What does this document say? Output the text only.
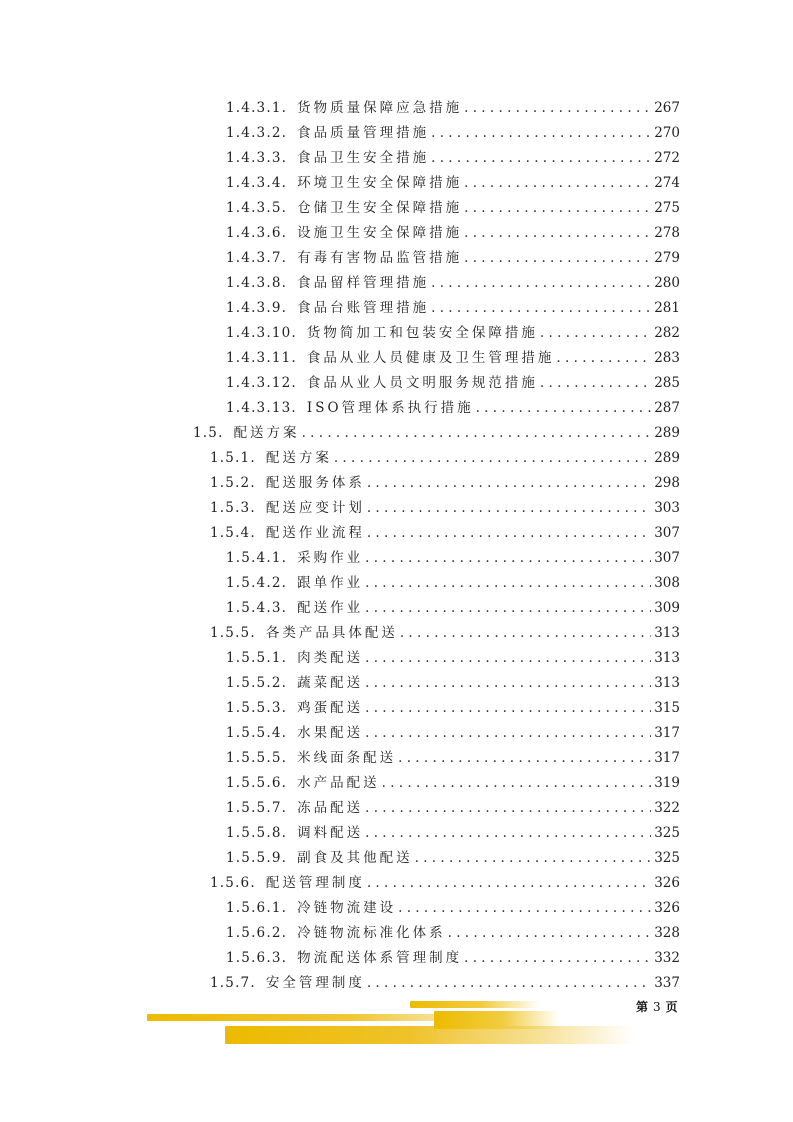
1.4.3.1. 货物质量保障应急措施 .....	267
1.4.3.2. 食品质量管理措施 .....	270
1.4.3.3. 食品卫生安全措施 .....	272
1.4.3.4. 环境卫生安全保障措施 .....	274
1.4.3.5. 仓储卫生安全保障措施 .....	275
1.4.3.6. 设施卫生安全保障措施 .....	278
1.4.3.7. 有毒有害物品监管措施 .....	279
1.4.3.8. 食品留样管理措施 .....	280
1.4.3.9. 食品台账管理措施 .....	281
1.4.3.10. 货物简加工和包装安全保障措施 .....	282
1.4.3.11. 食品从业人员健康及卫生管理措施 .....	283
1.4.3.12. 食品从业人员文明服务规范措施 .....	285
1.4.3.13. ISO管理体系执行措施 .....	287
1.5. 配送方案 .....	289
1.5.1. 配送方案 .....	289
1.5.2. 配送服务体系 .....	298
1.5.3. 配送应变计划 .....	303
1.5.4. 配送作业流程 .....	307
1.5.4.1. 采购作业 .....	307
1.5.4.2. 跟单作业 .....	308
1.5.4.3. 配送作业 .....	309
1.5.5. 各类产品具体配送 .....	313
1.5.5.1. 肉类配送 .....	313
1.5.5.2. 蔬菜配送 .....	313
1.5.5.3. 鸡蛋配送 .....	315
1.5.5.4. 水果配送 .....	317
1.5.5.5. 米线面条配送 .....	317
1.5.5.6. 水产品配送 .....	319
1.5.5.7. 冻品配送 .....	322
1.5.5.8. 调料配送 .....	325
1.5.5.9. 副食及其他配送 .....	325
1.5.6. 配送管理制度 .....	326
1.5.6.1. 冷链物流建设 .....	326
1.5.6.2. 冷链物流标准化体系 .....	328
1.5.6.3. 物流配送体系管理制度 .....	332
1.5.7. 安全管理制度 .....	337
第 3 页
